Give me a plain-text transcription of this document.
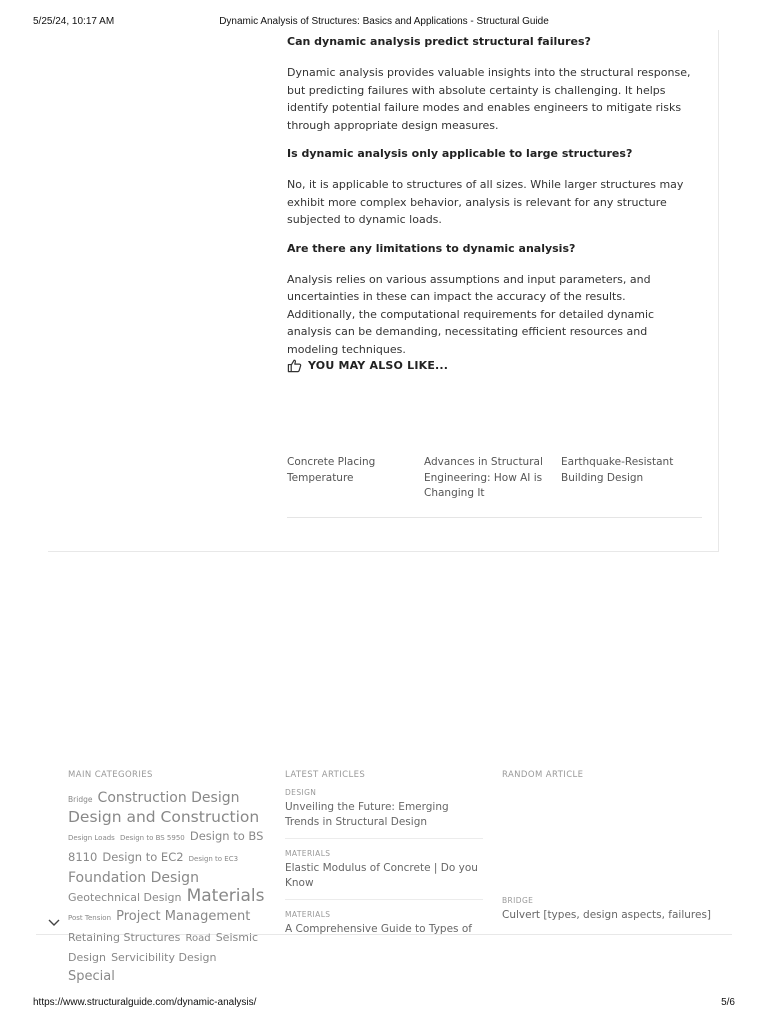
5/25/24, 10:17 AM	Dynamic Analysis of Structures: Basics and Applications - Structural Guide

Can dynamic analysis predict structural failures?

Dynamic analysis provides valuable insights into the structural response, but predicting failures with absolute certainty is challenging. It helps identify potential failure modes and enables engineers to mitigate risks through appropriate design measures.

Is dynamic analysis only applicable to large structures?

No, it is applicable to structures of all sizes. While larger structures may exhibit more complex behavior, analysis is relevant for any structure subjected to dynamic loads.

Are there any limitations to dynamic analysis?

Analysis relies on various assumptions and input parameters, and uncertainties in these can impact the accuracy of the results. Additionally, the computational requirements for detailed dynamic analysis can be demanding, necessitating efficient resources and modeling techniques.

YOU MAY ALSO LIKE...
Concrete Placing Temperature
Advances in Structural Engineering: How AI is Changing It
Earthquake-Resistant Building Design
MAIN CATEGORIES
Bridge Construction Design Design and Construction Design Loads Design to BS 5950 Design to BS 8110 Design to EC2 Design to EC3 Foundation Design Geotechnical Design Materials Post Tension Project Management Retaining Structures Road Seismic Design Servicibility Design Special
LATEST ARTICLES
DESIGN
Unveiling the Future: Emerging Trends in Structural Design
MATERIALS
Elastic Modulus of Concrete | Do you Know
MATERIALS
A Comprehensive Guide to Types of
RANDOM ARTICLE
BRIDGE
Culvert [types, design aspects, failures]
https://www.structuralguide.com/dynamic-analysis/	5/6
